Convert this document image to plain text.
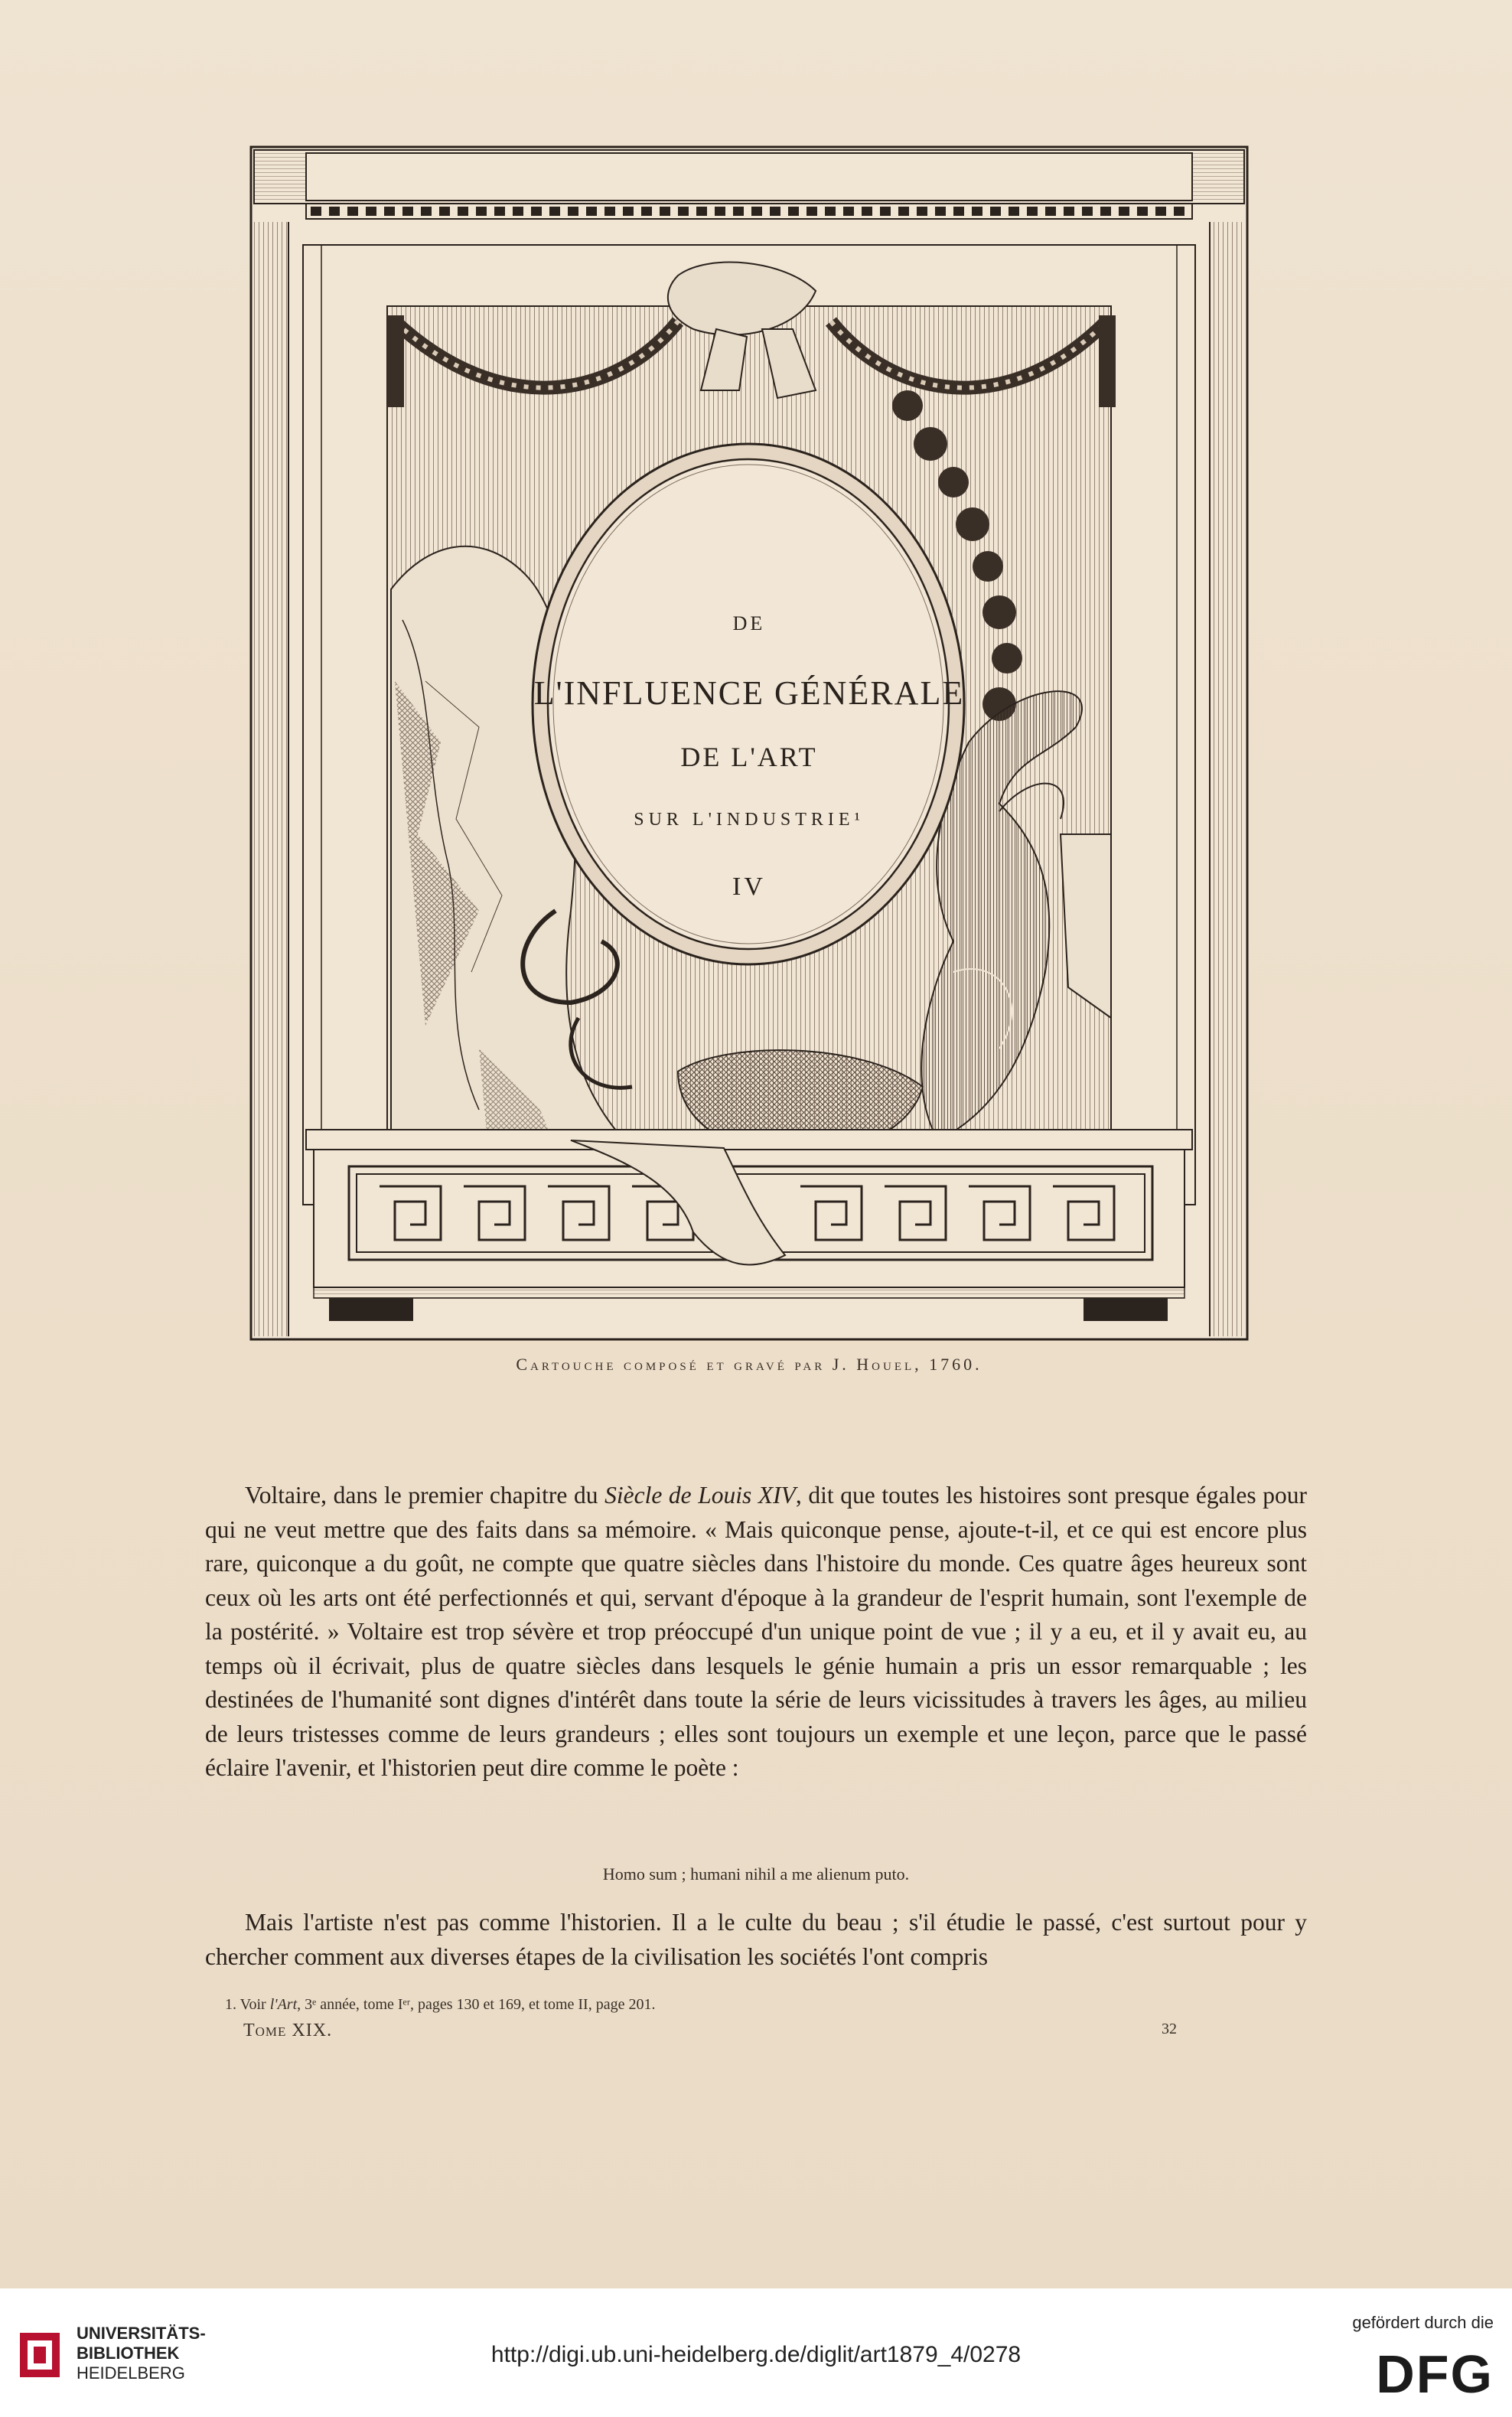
DE
L'INFLUENCE GÉNÉRALE
DE L'ART
SUR L'INDUSTRIE¹
IV
Cartouche composé et gravé par J. Houel, 1760.
Voltaire, dans le premier chapitre du Siècle de Louis XIV, dit que toutes les histoires sont presque égales pour qui ne veut mettre que des faits dans sa mémoire. « Mais quiconque pense, ajoute-t-il, et ce qui est encore plus rare, quiconque a du goût, ne compte que quatre siècles dans l'histoire du monde. Ces quatre âges heureux sont ceux où les arts ont été perfectionnés et qui, servant d'époque à la grandeur de l'esprit humain, sont l'exemple de la postérité. » Voltaire est trop sévère et trop préoccupé d'un unique point de vue ; il y a eu, et il y avait eu, au temps où il écrivait, plus de quatre siècles dans lesquels le génie humain a pris un essor remarquable ; les destinées de l'humanité sont dignes d'intérêt dans toute la série de leurs vicissitudes à travers les âges, au milieu de leurs tristesses comme de leurs grandeurs ; elles sont toujours un exemple et une leçon, parce que le passé éclaire l'avenir, et l'historien peut dire comme le poète :
Homo sum ; humani nihil a me alienum puto.
Mais l'artiste n'est pas comme l'historien. Il a le culte du beau ; s'il étudie le passé, c'est surtout pour y chercher comment aux diverses étapes de la civilisation les sociétés l'ont compris
1. Voir l'Art, 3ᵉ année, tome Iᵉʳ, pages 130 et 169, et tome II, page 201.
Tome XIX.	32
UNIVERSITÄTS-
BIBLIOTHEK
HEIDELBERG
http://digi.ub.uni-heidelberg.de/diglit/art1879_4/0278
gefördert durch die
DFG
